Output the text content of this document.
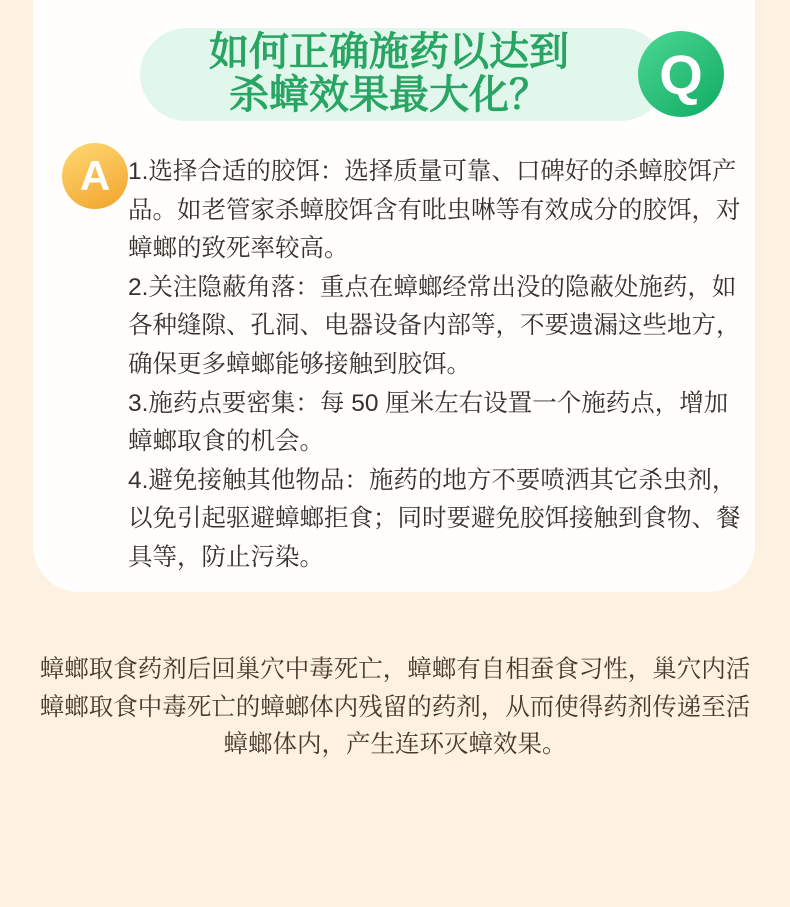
如何正确施药以达到
杀蟑效果最大化？	Q
A 1.选择合适的胶饵：选择质量可靠、口碑好的杀蟑胶饵产
品。如老管家杀蟑胶饵含有吡虫啉等有效成分的胶饵，对
蟑螂的致死率较高。
2.关注隐蔽角落：重点在蟑螂经常出没的隐蔽处施药，如
各种缝隙、孔洞、电器设备内部等，不要遗漏这些地方，
确保更多蟑螂能够接触到胶饵。
3.施药点要密集：每 50 厘米左右设置一个施药点，增加
蟑螂取食的机会。
4.避免接触其他物品：施药的地方不要喷洒其它杀虫剂，
以免引起驱避蟑螂拒食；同时要避免胶饵接触到食物、餐
具等，防止污染。
蟑螂取食药剂后回巢穴中毒死亡，蟑螂有自相蚕食习性，巢穴内活
蟑螂取食中毒死亡的蟑螂体内残留的药剂，从而使得药剂传递至活
蟑螂体内，产生连环灭蟑效果。
